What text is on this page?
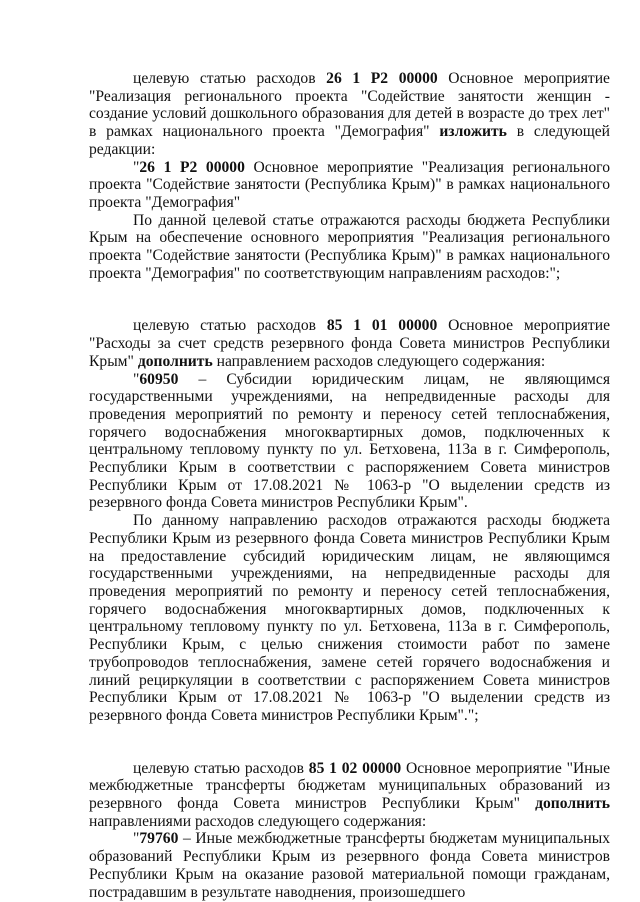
целевую статью расходов 26 1 P2 00000 Основное мероприятие "Реализация регионального проекта "Содействие занятости женщин - создание условий дошкольного образования для детей в возрасте до трех лет" в рамках национального проекта "Демография" изложить в следующей редакции:

"26 1 P2 00000 Основное мероприятие "Реализация регионального проекта "Содействие занятости (Республика Крым)" в рамках национального проекта "Демография"

По данной целевой статье отражаются расходы бюджета Республики Крым на обеспечение основного мероприятия "Реализация регионального проекта "Содействие занятости (Республика Крым)" в рамках национального проекта "Демография" по соответствующим направлениям расходов:";

целевую статью расходов 85 1 01 00000 Основное мероприятие "Расходы за счет средств резервного фонда Совета министров Республики Крым" дополнить направлением расходов следующего содержания:

"60950 – Субсидии юридическим лицам, не являющимся государственными учреждениями, на непредвиденные расходы для проведения мероприятий по ремонту и переносу сетей теплоснабжения, горячего водоснабжения многоквартирных домов, подключенных к центральному тепловому пункту по ул. Бетховена, 113а в г. Симферополь, Республики Крым в соответствии с распоряжением Совета министров Республики Крым от 17.08.2021 № 1063-р "О выделении средств из резервного фонда Совета министров Республики Крым".

По данному направлению расходов отражаются расходы бюджета Республики Крым из резервного фонда Совета министров Республики Крым на предоставление субсидий юридическим лицам, не являющимся государственными учреждениями, на непредвиденные расходы для проведения мероприятий по ремонту и переносу сетей теплоснабжения, горячего водоснабжения многоквартирных домов, подключенных к центральному тепловому пункту по ул. Бетховена, 113а в г. Симферополь, Республики Крым, с целью снижения стоимости работ по замене трубопроводов теплоснабжения, замене сетей горячего водоснабжения и линий рециркуляции в соответствии с распоряжением Совета министров Республики Крым от 17.08.2021 № 1063-р "О выделении средств из резервного фонда Совета министров Республики Крым".";

целевую статью расходов 85 1 02 00000 Основное мероприятие "Иные межбюджетные трансферты бюджетам муниципальных образований из резервного фонда Совета министров Республики Крым" дополнить направлениями расходов следующего содержания:

"79760 – Иные межбюджетные трансферты бюджетам муниципальных образований Республики Крым из резервного фонда Совета министров Республики Крым на оказание разовой материальной помощи гражданам, пострадавшим в результате наводнения, произошедшего
